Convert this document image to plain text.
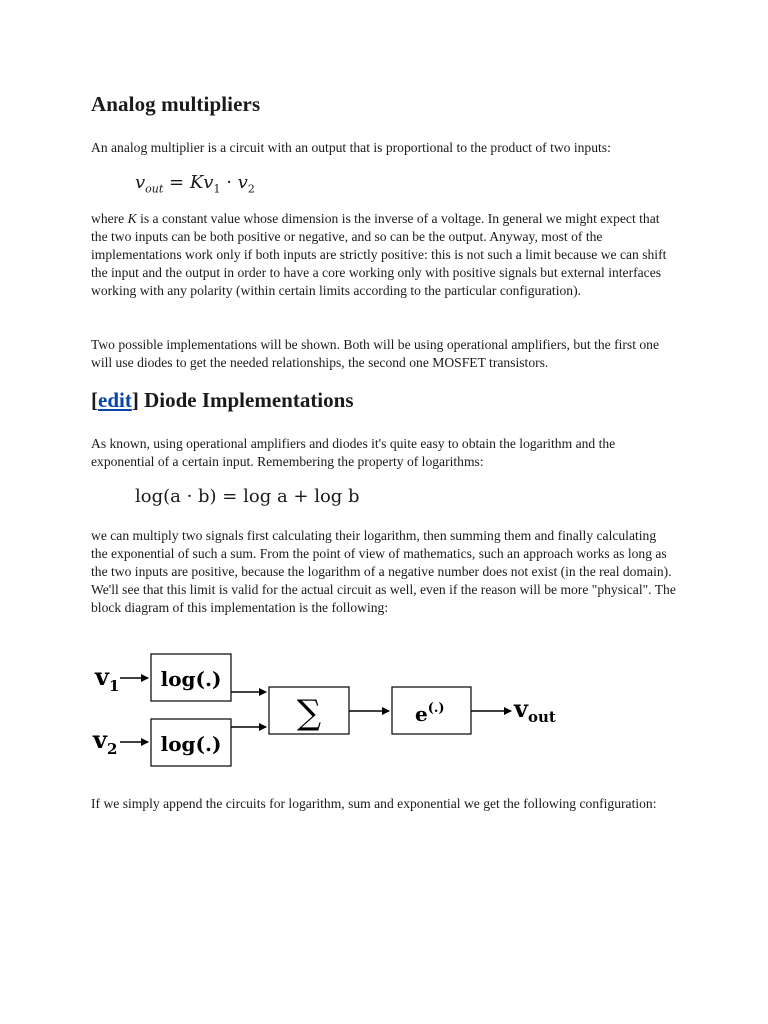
Analog multipliers

An analog multiplier is a circuit with an output that is proportional to the product of two inputs:

$v_{out} = Kv_1 \cdot v_2$

where K is a constant value whose dimension is the inverse of a voltage. In general we might expect that the two inputs can be both positive or negative, and so can be the output. Anyway, most of the implementations work only if both inputs are strictly positive: this is not such a limit because we can shift the input and the output in order to have a core working only with positive signals but external interfaces working with any polarity (within certain limits according to the particular configuration).

Two possible implementations will be shown. Both will be using operational amplifiers, but the first one will use diodes to get the needed relationships, the second one MOSFET transistors.

[edit] Diode Implementations

As known, using operational amplifiers and diodes it's quite easy to obtain the logarithm and the exponential of a certain input. Remembering the property of logarithms:

log(a · b) = log a + log b

we can multiply two signals first calculating their logarithm, then summing them and finally calculating the exponential of such a sum. From the point of view of mathematics, such an approach works as long as the two inputs are positive, because the logarithm of a negative number does not exist (in the real domain). We'll see that this limit is valid for the actual circuit as well, even if the reason will be more "physical". The block diagram of this implementation is the following:

If we simply append the circuits for logarithm, sum and exponential we get the following configuration:

$v_1$ log(.)
$v_2$ log(.)
∑	e(.)	$v_{out}$
